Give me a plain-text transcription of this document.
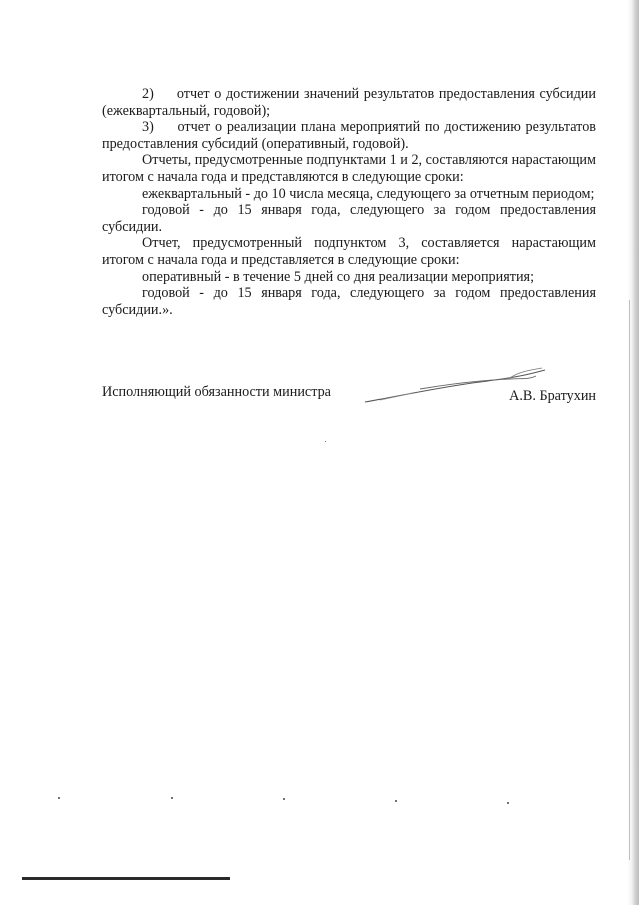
2)     отчет о достижении значений результатов предоставления субсидии (ежеквартальный, годовой);

3)     отчет о реализации плана мероприятий по достижению результатов предоставления субсидий (оперативный, годовой).

Отчеты, предусмотренные подпунктами 1 и 2, составляются нарастающим итогом с начала года и представляются в следующие сроки:

ежеквартальный - до 10 числа месяца, следующего за отчетным периодом;

годовой - до 15 января года, следующего за годом предоставления субсидии.

Отчет, предусмотренный подпунктом 3, составляется нарастающим итогом с начала года и представляется в следующие сроки:

оперативный - в течение 5 дней со дня реализации мероприятия;

годовой - до 15 января года, следующего за годом предоставления субсидии.».

Исполняющий обязанности министра	А.В. Братухин
